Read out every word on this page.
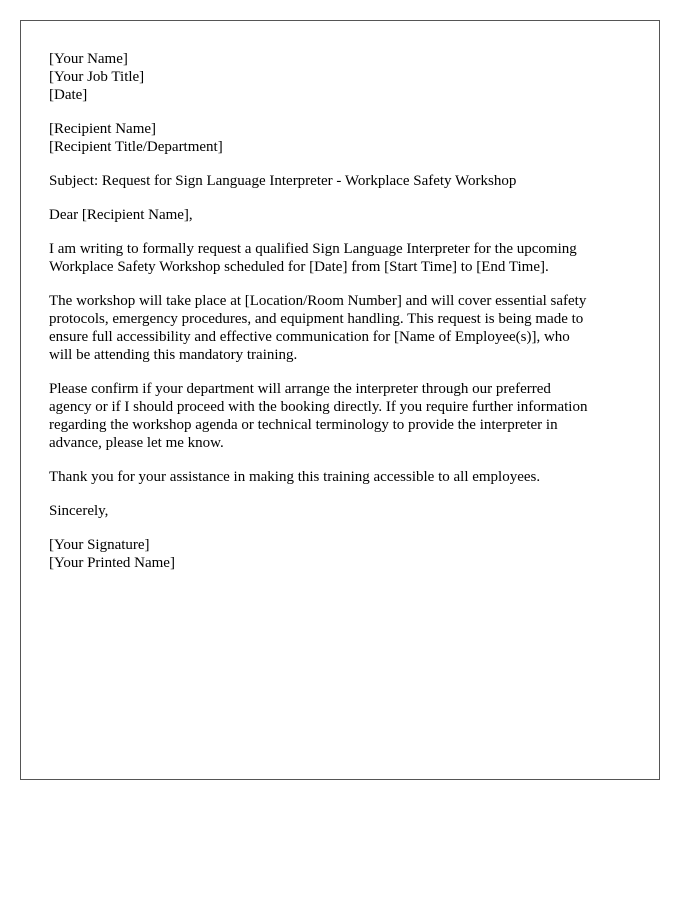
[Your Name]
[Your Job Title]
[Date]
[Recipient Name]
[Recipient Title/Department]
Subject: Request for Sign Language Interpreter - Workplace Safety Workshop
Dear [Recipient Name],
I am writing to formally request a qualified Sign Language Interpreter for the upcoming
Workplace Safety Workshop scheduled for [Date] from [Start Time] to [End Time].
The workshop will take place at [Location/Room Number] and will cover essential safety
protocols, emergency procedures, and equipment handling. This request is being made to
ensure full accessibility and effective communication for [Name of Employee(s)], who
will be attending this mandatory training.
Please confirm if your department will arrange the interpreter through our preferred
agency or if I should proceed with the booking directly. If you require further information
regarding the workshop agenda or technical terminology to provide the interpreter in
advance, please let me know.
Thank you for your assistance in making this training accessible to all employees.
Sincerely,
[Your Signature]
[Your Printed Name]
